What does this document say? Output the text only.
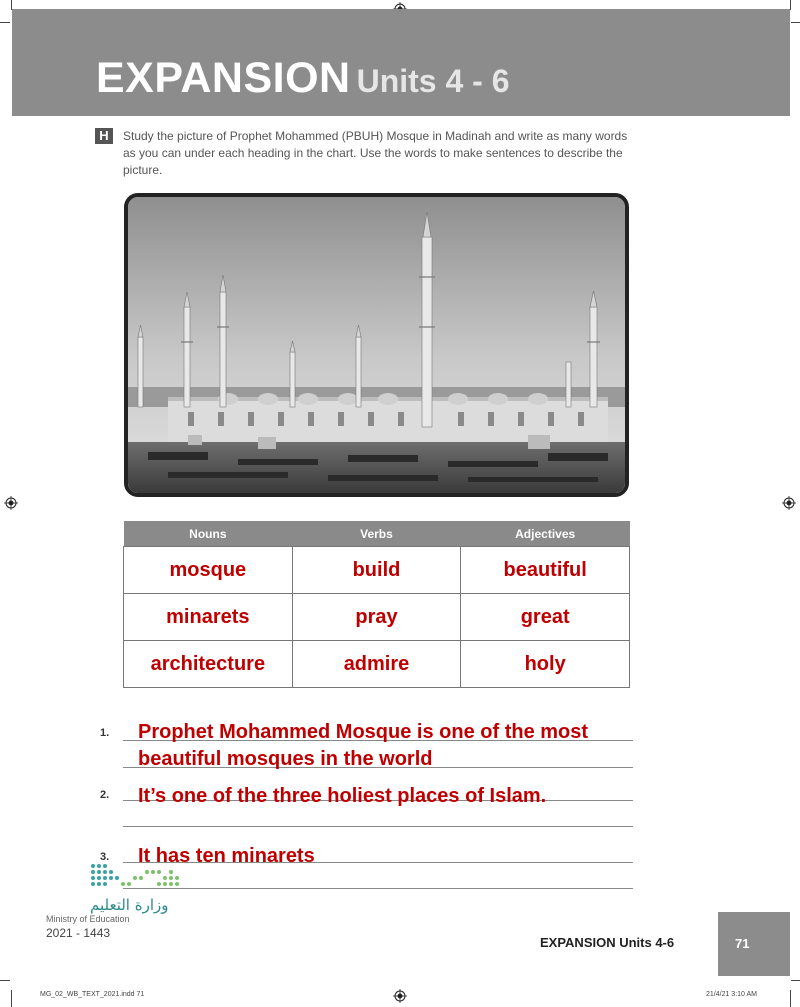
EXPANSION Units 4 - 6
H	Study the picture of Prophet Mohammed (PBUH) Mosque in Madinah and write as many words as you can under each heading in the chart. Use the words to make sentences to describe the picture.
Nouns	Verbs	Adjectives
mosque	build	beautiful
minarets	pray	great
architecture	admire	holy
1. Prophet Mohammed Mosque is one of the most
beautiful mosques in the world
2. It’s one of the three holiest places of Islam.
3. It has ten minarets
وزارة التعليم
Ministry of Education
2021 - 1443
EXPANSION Units 4-6	71
MG_02_WB_TEXT_2021.indd 71	21/4/21 3:10 AM
